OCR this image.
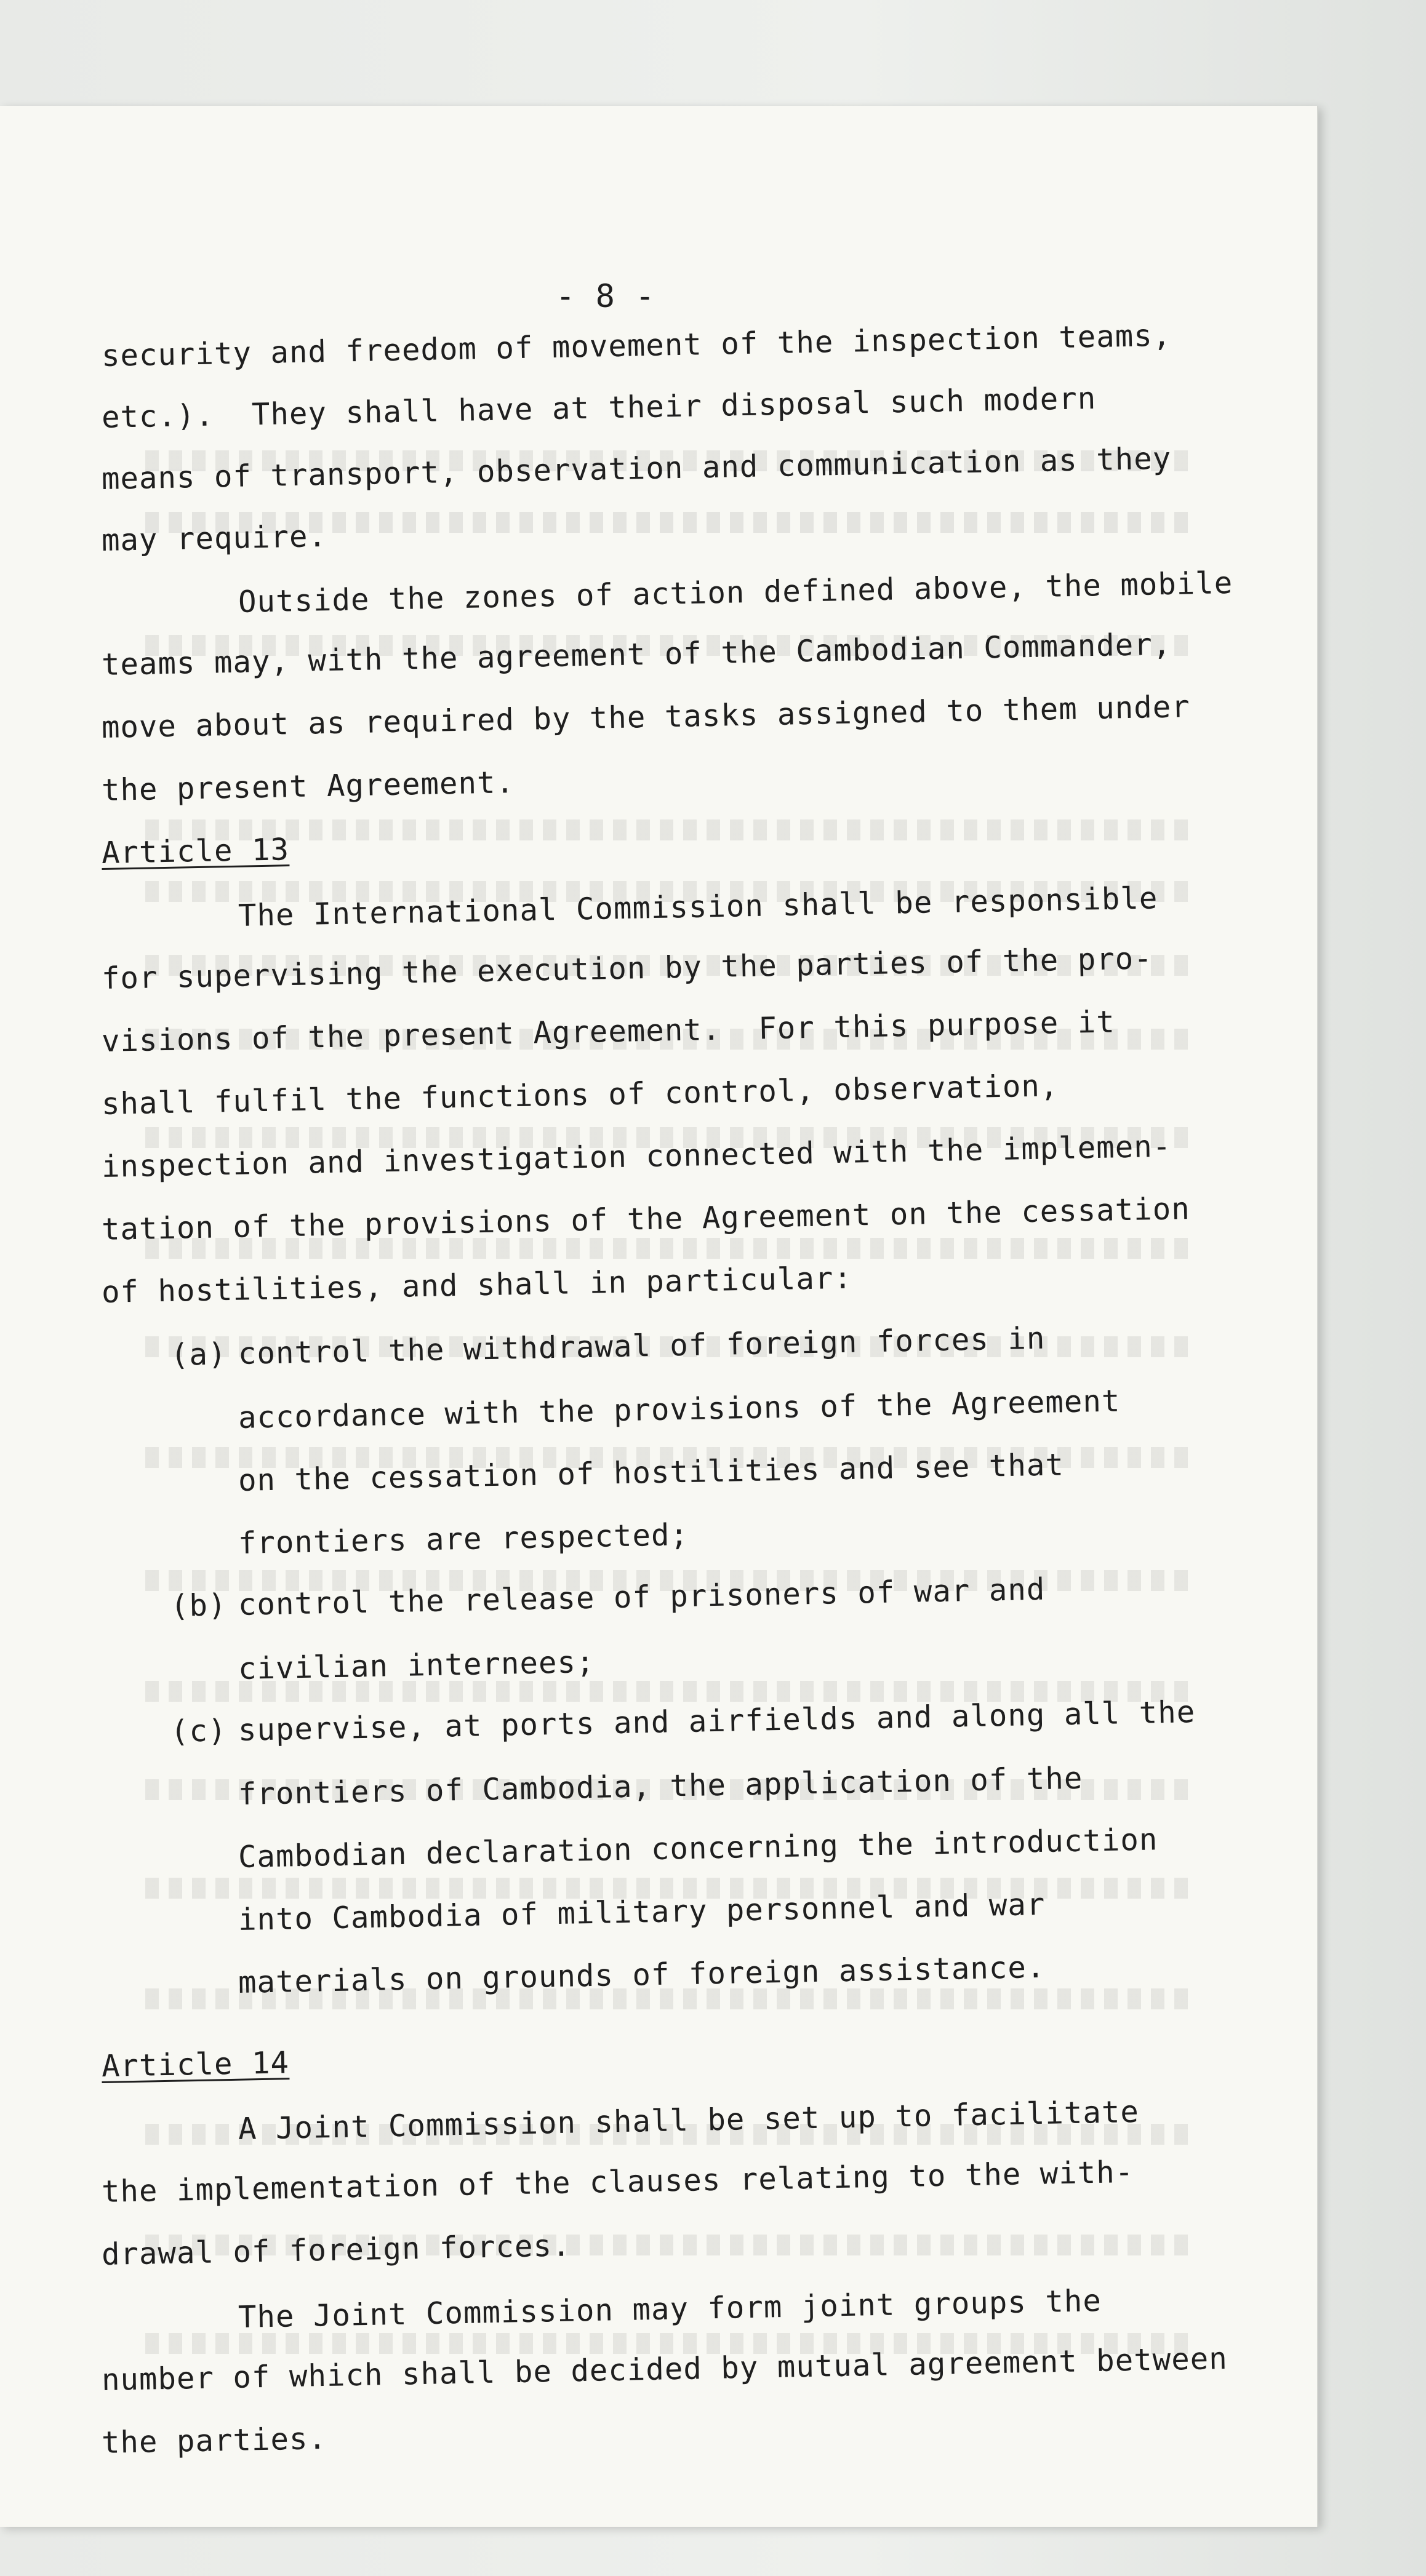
- 8 -
security and freedom of movement of the inspection teams,
etc.).  They shall have at their disposal such modern
means of transport, observation and communication as they
may require.
Outside the zones of action defined above, the mobile
teams may, with the agreement of the Cambodian Commander,
move about as required by the tasks assigned to them under
the present Agreement.
Article 13
The International Commission shall be responsible
for supervising the execution by the parties of the pro-
visions of the present Agreement.  For this purpose it
shall fulfil the functions of control, observation,
inspection and investigation connected with the implemen-
tation of the provisions of the Agreement on the cessation
of hostilities, and shall in particular:
(a) control the withdrawal of foreign forces in
accordance with the provisions of the Agreement
on the cessation of hostilities and see that
frontiers are respected;
(b) control the release of prisoners of war and
civilian internees;
(c) supervise, at ports and airfields and along all the
frontiers of Cambodia, the application of the
Cambodian declaration concerning the introduction
into Cambodia of military personnel and war
materials on grounds of foreign assistance.
Article 14
A Joint Commission shall be set up to facilitate
the implementation of the clauses relating to the with-
drawal of foreign forces.
The Joint Commission may form joint groups the
number of which shall be decided by mutual agreement between
the parties.
